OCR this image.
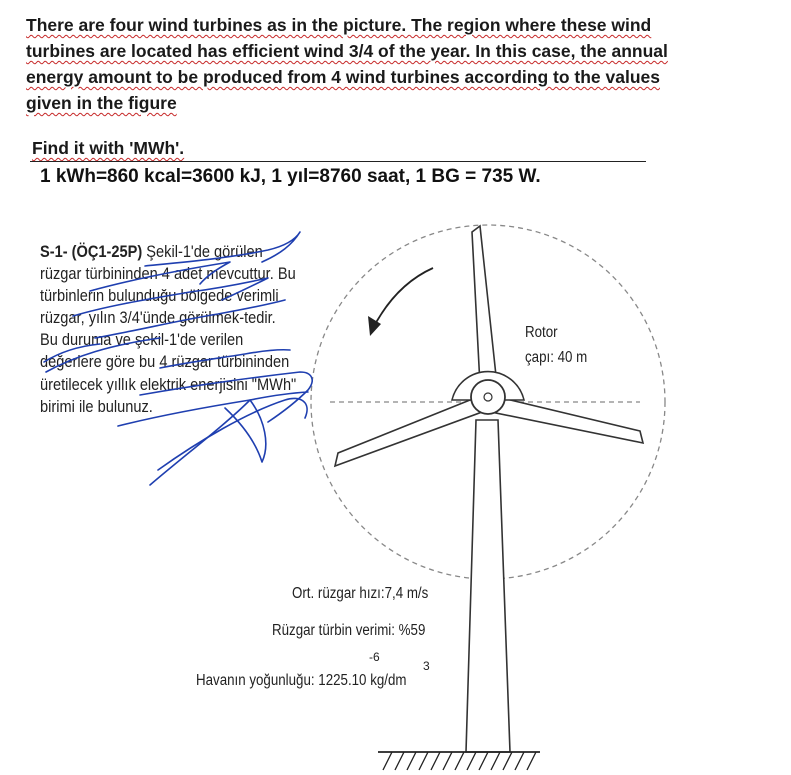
There are four wind turbines as in the picture. The region where these wind
turbines are located has efficient wind 3/4 of the year. In this case, the annual
energy amount to be produced from 4 wind turbines according to the values
given in the figure
Find it with 'MWh'.
1 kWh=860 kcal=3600 kJ, 1 yıl=8760 saat, 1 BG = 735 W.
S-1- (ÖÇ1-25P) Şekil-1'de görülen
rüzgar türbininden 4 adet mevcuttur. Bu
türbinlerin bulunduğu bölgede verimli
rüzgar, yılın 3/4'ünde görülmek-tedir.
Bu duruma ve şekil-1'de verilen
değerlere göre bu 4 rüzgar türbininden
üretilecek yıllık elektrik enerjisini "MWh"
birimi ile bulunuz.
Rotor
çapı: 40 m
Ort. rüzgar hızı:7,4 m/s
Rüzgar türbin verimi: %59
-6
3
Havanın yoğunluğu: 1225.10 kg/dm
